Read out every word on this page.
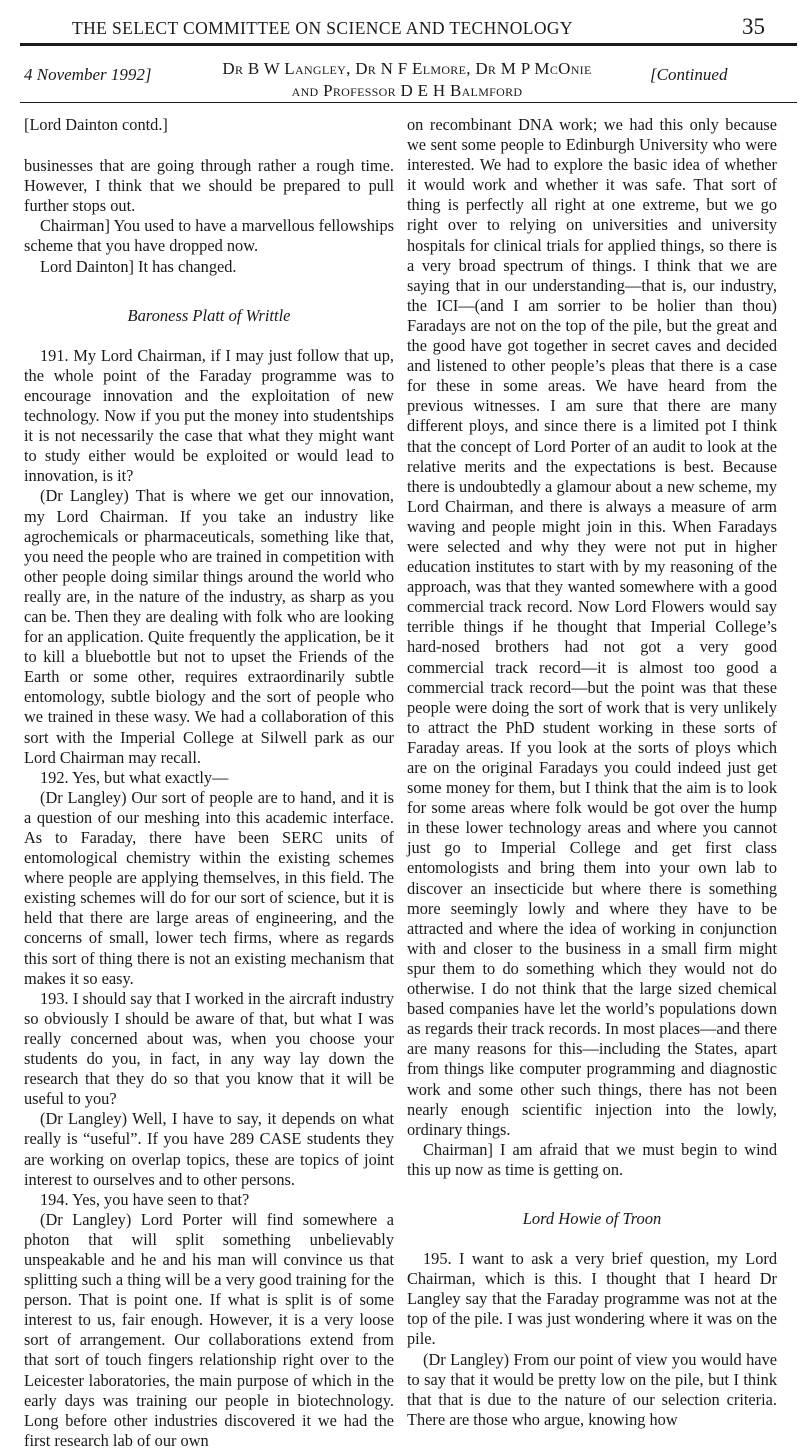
THE SELECT COMMITTEE ON SCIENCE AND TECHNOLOGY	35
4 November 1992]	Dr B W Langley, Dr N F Elmore, Dr M P McOnie
and Professor D E H Balmford
[Continued

[Lord Dainton contd.]

businesses that are going through rather a rough time. However, I think that we should be prepared to pull further stops out.

Chairman] You used to have a marvellous fellowships scheme that you have dropped now.

Lord Dainton] It has changed.

Baroness Platt of Writtle

191. My Lord Chairman, if I may just follow that up, the whole point of the Faraday programme was to encourage innovation and the exploitation of new technology. Now if you put the money into studentships it is not necessarily the case that what they might want to study either would be exploited or would lead to innovation, is it?

(Dr Langley) That is where we get our innovation, my Lord Chairman. If you take an industry like agrochemicals or pharmaceuticals, something like that, you need the people who are trained in competition with other people doing similar things around the world who really are, in the nature of the industry, as sharp as you can be. Then they are dealing with folk who are looking for an application. Quite frequently the application, be it to kill a bluebottle but not to upset the Friends of the Earth or some other, requires extraordinarily subtle entomology, subtle biology and the sort of people who we trained in these wasy. We had a collaboration of this sort with the Imperial College at Silwell park as our Lord Chairman may recall.

192. Yes, but what exactly—

(Dr Langley) Our sort of people are to hand, and it is a question of our meshing into this academic interface. As to Faraday, there have been SERC units of entomological chemistry within the existing schemes where people are applying themselves, in this field. The existing schemes will do for our sort of science, but it is held that there are large areas of engineering, and the concerns of small, lower tech firms, where as regards this sort of thing there is not an existing mechanism that makes it so easy.

193. I should say that I worked in the aircraft industry so obviously I should be aware of that, but what I was really concerned about was, when you choose your students do you, in fact, in any way lay down the research that they do so that you know that it will be useful to you?

(Dr Langley) Well, I have to say, it depends on what really is “useful”. If you have 289 CASE students they are working on overlap topics, these are topics of joint interest to ourselves and to other persons.

194. Yes, you have seen to that?

(Dr Langley) Lord Porter will find somewhere a photon that will split something unbelievably unspeakable and he and his man will convince us that splitting such a thing will be a very good training for the person. That is point one. If what is split is of some interest to us, fair enough. However, it is a very loose sort of arrangement. Our collaborations extend from that sort of touch fingers relationship right over to the Leicester laboratories, the main purpose of which in the early days was training our people in biotechnology. Long before other industries discovered it we had the first research lab of our own

on recombinant DNA work; we had this only because we sent some people to Edinburgh University who were interested. We had to explore the basic idea of whether it would work and whether it was safe. That sort of thing is perfectly all right at one extreme, but we go right over to relying on universities and university hospitals for clinical trials for applied things, so there is a very broad spectrum of things. I think that we are saying that in our understanding—that is, our industry, the ICI—(and I am sorrier to be holier than thou) Faradays are not on the top of the pile, but the great and the good have got together in secret caves and decided and listened to other people’s pleas that there is a case for these in some areas. We have heard from the previous witnesses. I am sure that there are many different ploys, and since there is a limited pot I think that the concept of Lord Porter of an audit to look at the relative merits and the expectations is best. Because there is undoubtedly a glamour about a new scheme, my Lord Chairman, and there is always a measure of arm waving and people might join in this. When Faradays were selected and why they were not put in higher education institutes to start with by my reasoning of the approach, was that they wanted somewhere with a good commercial track record. Now Lord Flowers would say terrible things if he thought that Imperial College’s hard-nosed brothers had not got a very good commercial track record—it is almost too good a commercial track record—but the point was that these people were doing the sort of work that is very unlikely to attract the PhD student working in these sorts of Faraday areas. If you look at the sorts of ploys which are on the original Faradays you could indeed just get some money for them, but I think that the aim is to look for some areas where folk would be got over the hump in these lower technology areas and where you cannot just go to Imperial College and get first class entomologists and bring them into your own lab to discover an insecticide but where there is something more seemingly lowly and where they have to be attracted and where the idea of working in conjunction with and closer to the business in a small firm might spur them to do something which they would not do otherwise. I do not think that the large sized chemical based companies have let the world’s populations down as regards their track records. In most places—and there are many reasons for this—including the States, apart from things like computer programming and diagnostic work and some other such things, there has not been nearly enough scientific injection into the lowly, ordinary things.

Chairman] I am afraid that we must begin to wind this up now as time is getting on.

Lord Howie of Troon

195. I want to ask a very brief question, my Lord Chairman, which is this. I thought that I heard Dr Langley say that the Faraday programme was not at the top of the pile. I was just wondering where it was on the pile.

(Dr Langley) From our point of view you would have to say that it would be pretty low on the pile, but I think that that is due to the nature of our selection criteria. There are those who argue, knowing how
